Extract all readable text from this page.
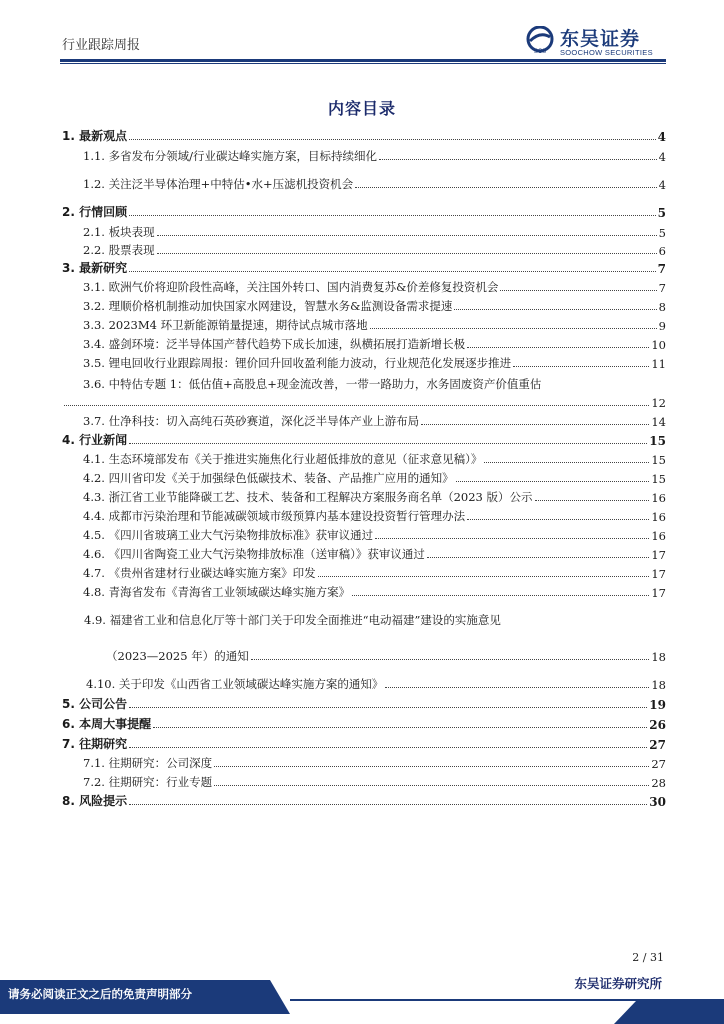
行业跟踪周报	SCS
东吴证券
SOOCHOW SECURITIES
内容目录
1. 最新观点	4
1.1. 多省发布分领域/行业碳达峰实施方案，目标持续细化	4
1.2. 关注泛半导体治理+中特估•水+压滤机投资机会	4
2. 行情回顾	5
2.1. 板块表现	5
2.2. 股票表现	6
3. 最新研究	7
3.1. 欧洲气价将迎阶段性高峰，关注国外转口、国内消费复苏&价差修复投资机会	7
3.2. 理顺价格机制推动加快国家水网建设，智慧水务&监测设备需求提速	8
3.3. 2023M4 环卫新能源销量提速，期待试点城市落地	9
3.4. 盛剑环境：泛半导体国产替代趋势下成长加速，纵横拓展打造新增长极	10
3.5. 锂电回收行业跟踪周报：锂价回升回收盈利能力波动，行业规范化发展逐步推进	11
3.6. 中特估专题 1：低估值+高股息+现金流改善，一带一路助力，水务固废资产价值重估
12
3.7. 仕净科技：切入高纯石英砂赛道，深化泛半导体产业上游布局	14
4. 行业新闻	15
4.1. 生态环境部发布《关于推进实施焦化行业超低排放的意见（征求意见稿）》	15
4.2. 四川省印发《关于加强绿色低碳技术、装备、产品推广应用的通知》	15
4.3. 浙江省工业节能降碳工艺、技术、装备和工程解决方案服务商名单（2023 版）公示	16
4.4. 成都市污染治理和节能减碳领域市级预算内基本建设投资暂行管理办法	16
4.5. 《四川省玻璃工业大气污染物排放标准》获审议通过	16
4.6. 《四川省陶瓷工业大气污染物排放标准（送审稿）》获审议通过	17
4.7. 《贵州省建材行业碳达峰实施方案》印发	17
4.8. 青海省发布《青海省工业领域碳达峰实施方案》	17
4.9. 福建省工业和信息化厅等十部门关于印发全面推进“电动福建”建设的实施意见
（2023—2025 年）的通知	18
4.10. 关于印发《山西省工业领域碳达峰实施方案的通知》	18
5. 公司公告	19
6. 本周大事提醒	26
7. 往期研究	27
7.1. 往期研究：公司深度	27
7.2. 往期研究：行业专题	28
8. 风险提示	30
2 / 31
请务必阅读正文之后的免责声明部分
东吴证券研究所
